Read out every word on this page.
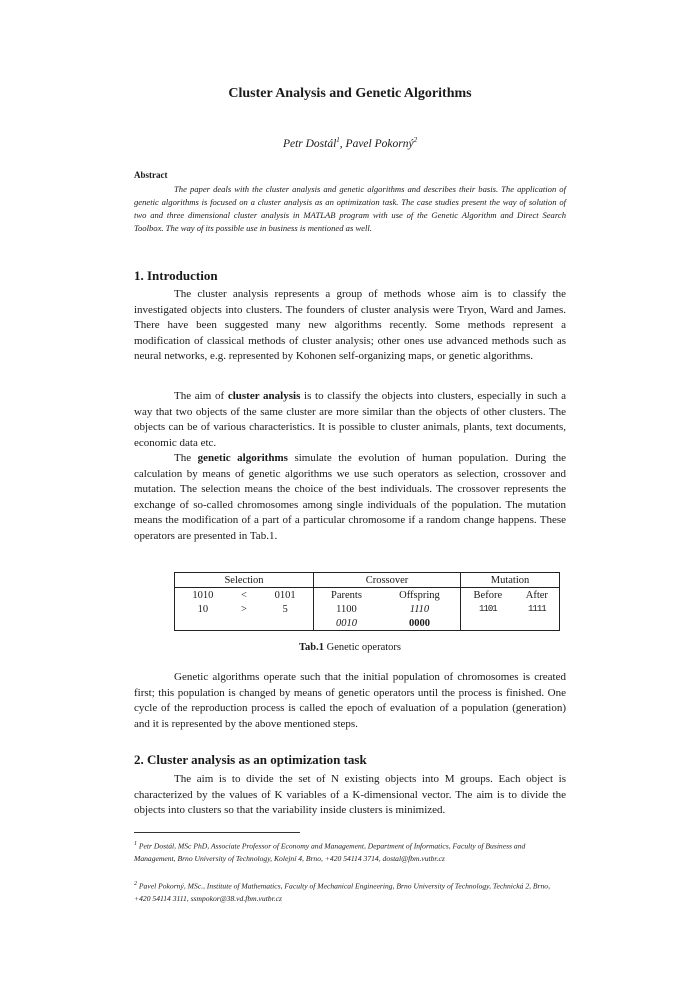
Cluster Analysis and Genetic Algorithms
Petr Dostál$^1$, Pavel Pokorný$^2$
Abstract
The paper deals with the cluster analysis and genetic algorithms and describes their basis. The application of genetic algorithms is focused on a cluster analysis as an optimization task. The case studies present the way of solution of two and three dimensional cluster analysis in MATLAB program with use of the Genetic Algorithm and Direct Search Toolbox. The way of its possible use in business is mentioned as well.
1. Introduction
The cluster analysis represents a group of methods whose aim is to classify the investigated objects into clusters. The founders of cluster analysis were Tryon, Ward and James. There have been suggested many new algorithms recently. Some methods represent a modification of classical methods of cluster analysis; other ones use advanced methods such as neural networks, e.g. represented by Kohonen self-organizing maps, or genetic algorithms.
The aim of cluster analysis is to classify the objects into clusters, especially in such a way that two objects of the same cluster are more similar than the objects of other clusters. The objects can be of various characteristics. It is possible to cluster animals, plants, text documents, economic data etc.
The genetic algorithms simulate the evolution of human population. During the calculation by means of genetic algorithms we use such operators as selection, crossover and mutation. The selection means the choice of the best individuals. The crossover represents the exchange of so-called chromosomes among single individuals of the population. The mutation means the modification of a part of a particular chromosome if a random change happens. These operators are presented in Tab.1.
Selection			Crossover		Mutation	
1010	<	0101	Parents	Offspring	Before	After
10	>	5	1100	1110	1101	1111
			0010	0000		
Tab.1 Genetic operators
Genetic algorithms operate such that the initial population of chromosomes is created first; this population is changed by means of genetic operators until the process is finished. One cycle of the reproduction process is called the epoch of evaluation of a population (generation) and it is represented by the above mentioned steps.
2. Cluster analysis as an optimization task
The aim is to divide the set of N existing objects into M groups. Each object is characterized by the values of K variables of a K-dimensional vector. The aim is to divide the objects into clusters so that the variability inside clusters is minimized.
$^1$ Petr Dostál, MSc PhD, Associate Professor of Economy and Management, Department of Informatics, Faculty of Business and Management, Brno University of Technology, Kolejní 4, Brno, +420 54114 3714, dostal@fbm.vutbr.cz
$^2$ Pavel Pokorný, MSc., Institute of Mathematics, Faculty of Mechanical Engineering, Brno University of Technology, Technická 2, Brno, +420 54114 3111, ssmpokor@38.vd.fbm.vutbr.cz
